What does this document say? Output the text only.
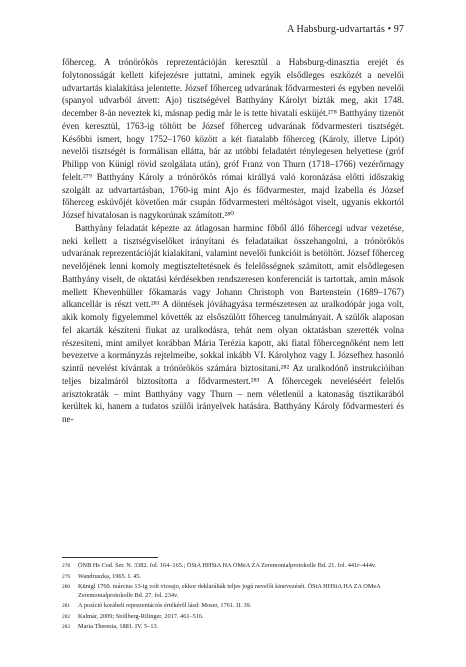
A Habsburg-udvartartás • 97

főherceg. A trónörökös reprezentációján keresztül a Habsburg-dinasztia erejét és folytonosságát kellett kifejezésre juttatni, aminek egyik elsődleges eszközét a nevelői udvartartás kialakítása jelentette. József főherceg udvarának fődvarmesteri és egyben nevelői (spanyol udvarból átvett: Ajo) tisztségével Batthyány Károlyt bízták meg, akit 1748. december 8-án neveztek ki, másnap pedig már le is tette hivatali esküjét.²⁷⁸ Batthyány tizenöt éven keresztül, 1763-ig töltött be József főherceg udvarának fődvarmesteri tisztségét. Későbbi ismert, hogy 1752–1760 között a két fiatalabb főherceg (Károly, illetve Lipót) nevelői tisztségét is formálisan ellátta, bár az utóbbi feladatért ténylegesen helyettese (gróf Philipp von Künigl rövid szolgálata után), gróf Franz von Thurn (1718–1766) vezérőrnagy felelt.²⁷⁹ Batthyány Károly a trónörökös római királlyá való koronázása előtti időszakig szolgált az udvartartásban, 1760-ig mint Ajo és fődvarmester, majd Izabella és József főherceg esküvőjét követően már csupán fődvarmesteri méltóságot viselt, ugyanis ekkortól József hivatalosan is nagykorúnak számított.²⁸⁰

Batthyány feladatát képezte az átlagosan harminc főből álló főhercegi udvar vezetése, neki kellett a tisztségviselőket irányítani és feladataikat összehangolni, a trónörökös udvarának reprezentációját kialakítani, valamint nevelői funkcióit is betöltött. József főherceg nevelőjének lenni komoly megtiszteltetésnek és felelősségnek számított, amit elsődlegesen Batthyány viselt, de oktatási kérdésekben rendszeresen konferenciát is tartottak, amin mások mellett Khevenhüller főkamarás vagy Johann Christoph von Bartenstein (1689–1767) alkancellár is részt vett.²⁸¹ A döntések jóváhagyása természetesen az uralkodópár joga volt, akik komoly figyelemmel követték az elsőszülött főherceg tanulmányait. A szülők alaposan fel akarták készíteni fiukat az uralkodásra, tehát nem olyan oktatásban szerették volna részesíteni, mint amilyet korábban Mária Terézia kapott, aki fiatal főhercegnőként nem lett bevezetve a kormányzás rejtelmeibe, sokkal inkább VI. Károlyhoz vagy I. Józsefhez hasonló szintű nevelést kívántak a trónörökös számára biztosítani.²⁸² Az uralkodónő instrukcióiban teljes bizalmáról biztosította a fődvarmestert.²⁸³ A főhercegek neveléséért felelős arisztokraták – mint Batthyány vagy Thurn – nem véletlenül a katonaság tisztikarából kerültek ki, hanem a tudatos szülői irányelvek hatására. Batthyány Károly fődvarmesteri és ne-

278	ÖNB Hs Cod. Ser. N. 3382. fol. 164–165.; ÖStA HHStA HA OMeA ZA Zeremonialprotokolle Bd. 21. fol. 441r–444v.
279	Wandruszka, 1965. I. 45.
280	Künigl 1760. március 13-ig volt viceajo, ekkor deklarálták teljes jogú nevelői kinevezését. ÖStA HHStA HA ZA OMeA Zeremonialprotokolle Bd. 27. fol. 234v.
281	A pozíció korábeli reprezentációs értékéről lásd: Moser, 1761. II. 39.
282	Kalmár, 2009; Stollberg-Rilinger, 2017. 461–516.
283	Maria Theresia, 1881. IV. 5–13.
